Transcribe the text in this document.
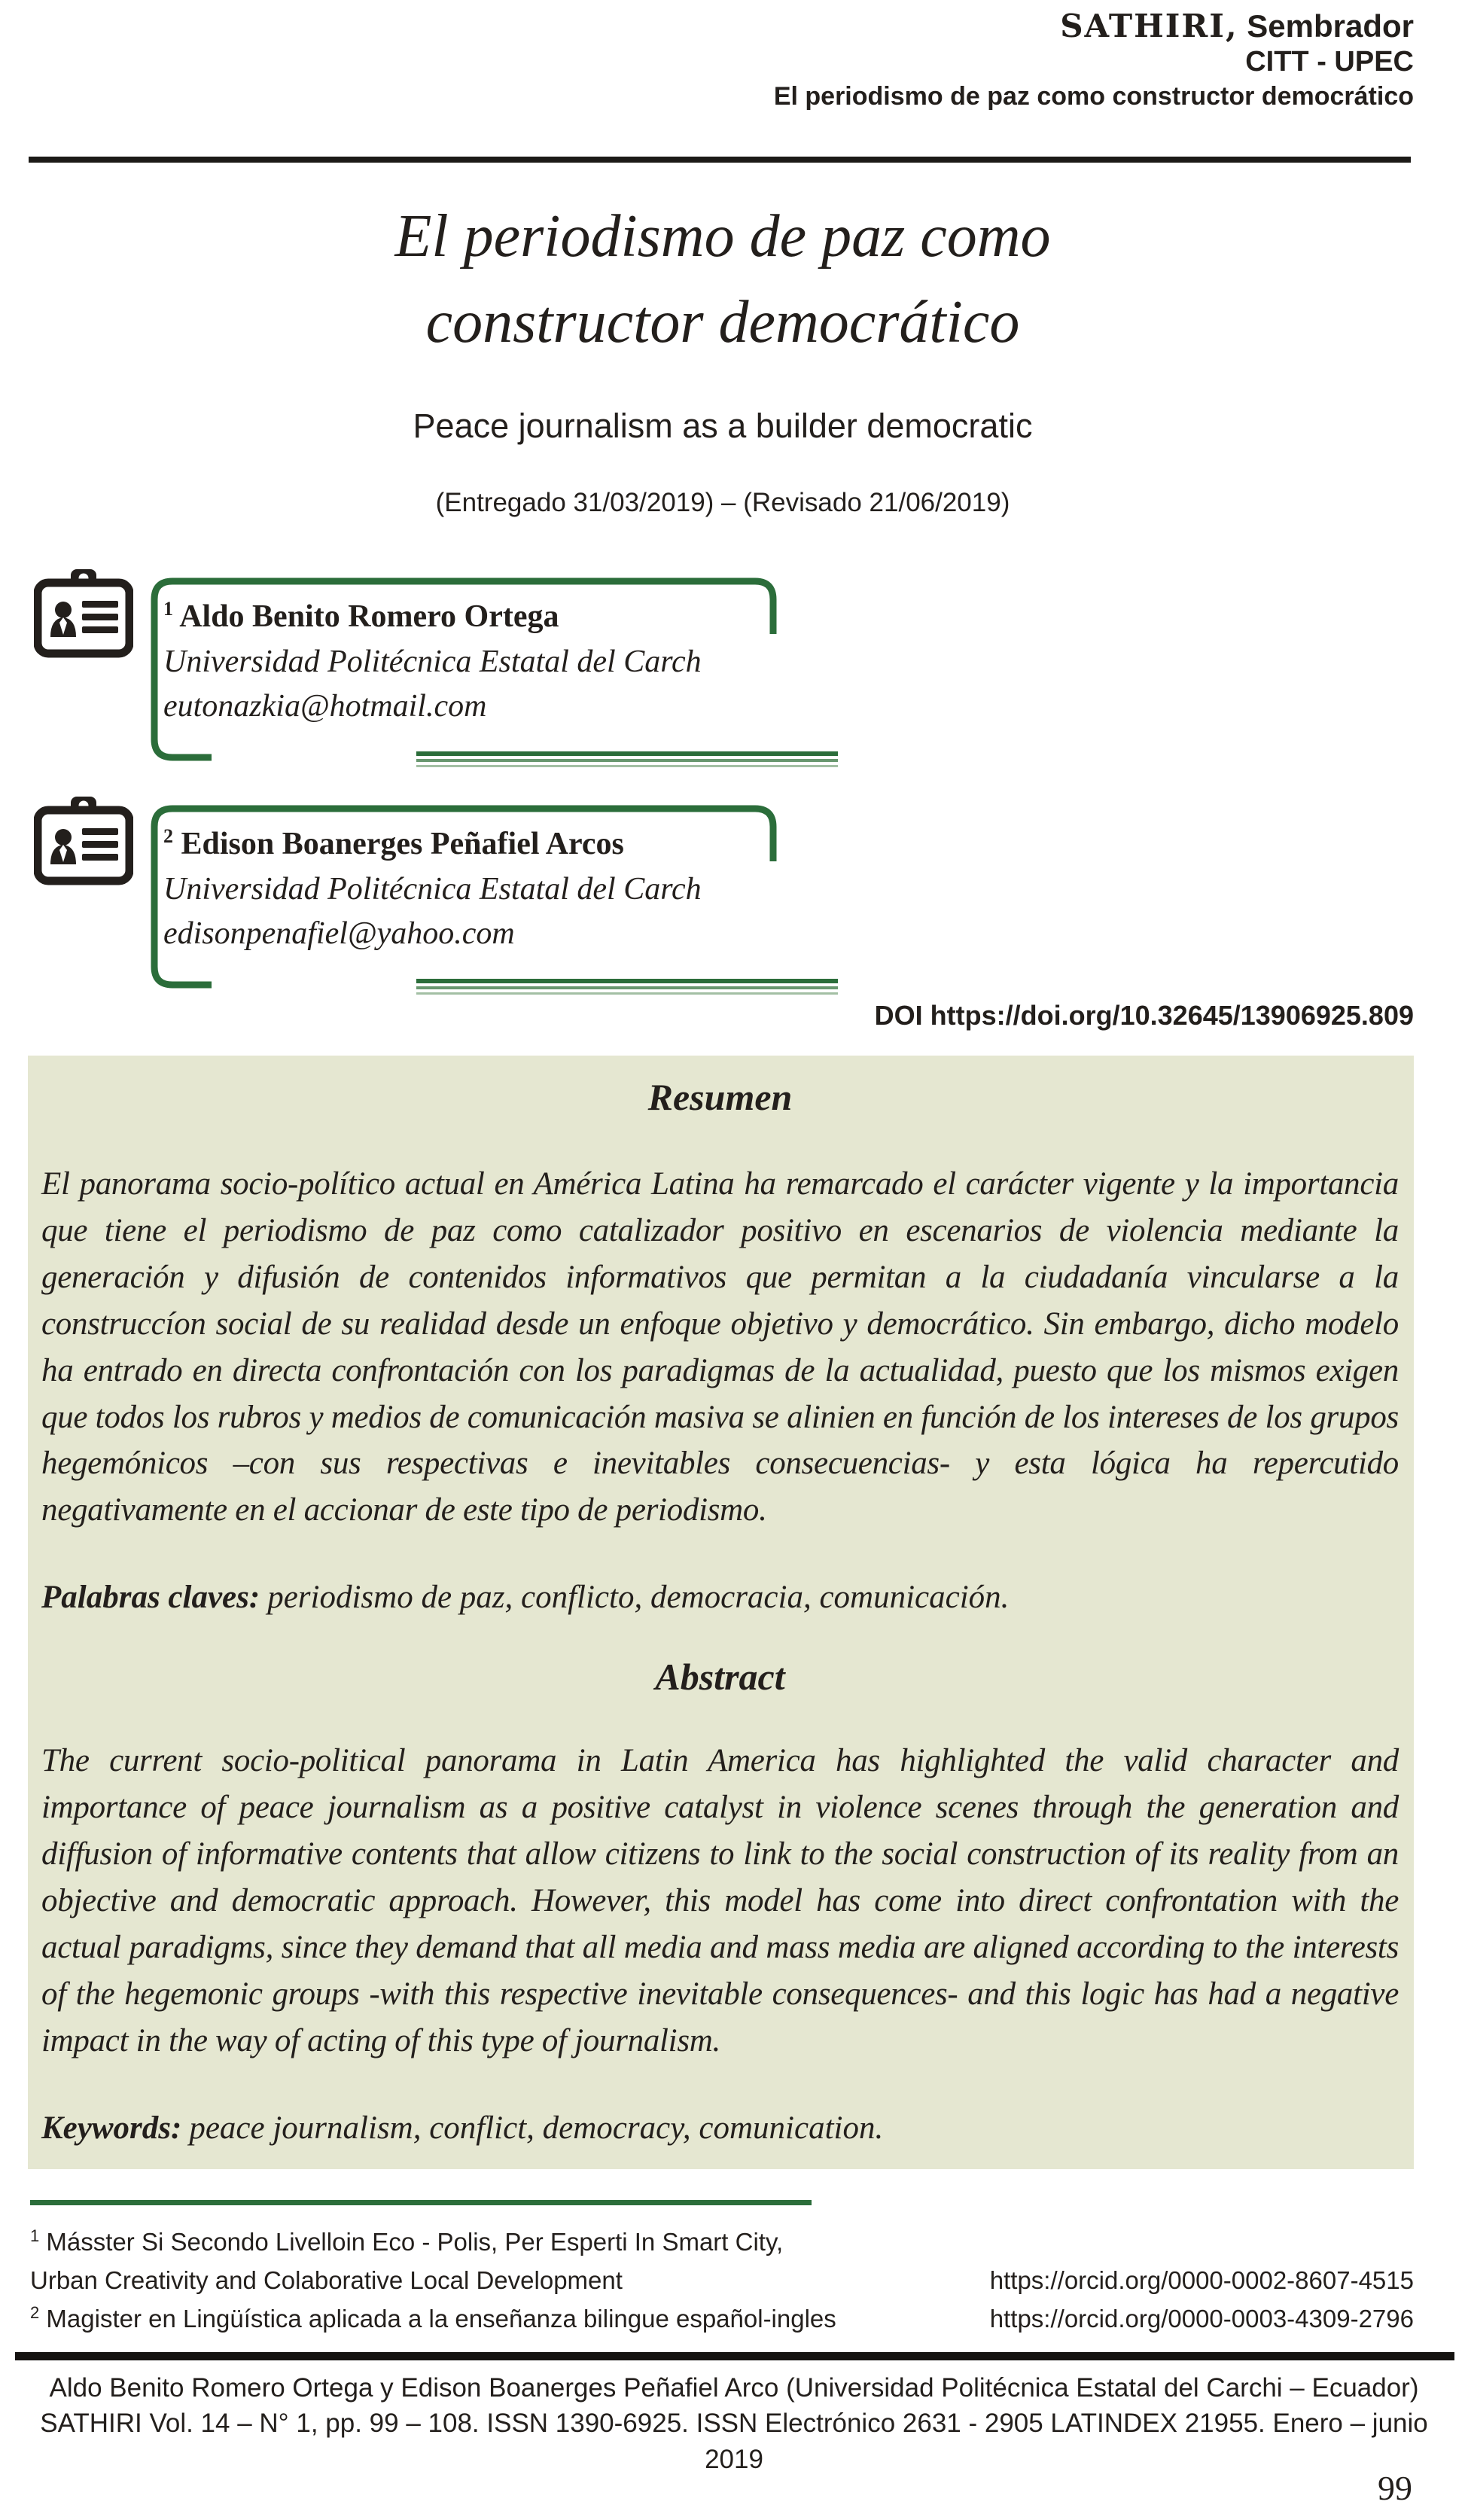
SATHIRI, Sembrador
CITT - UPEC
El periodismo de paz como constructor democrático
El periodismo de paz como
constructor democrático
Peace journalism as a builder democratic
(Entregado 31/03/2019) – (Revisado 21/06/2019)
$^1$ Aldo Benito Romero Ortega
Universidad Politécnica Estatal del Carch
eutonazkia@hotmail.com
$^2$ Edison Boanerges Peñafiel Arcos
Universidad Politécnica Estatal del Carch
edisonpenafiel@yahoo.com
DOI https://doi.org/10.32645/13906925.809
Resumen

El panorama socio-político actual en América Latina ha remarcado el carácter vigente y la importancia que tiene el periodismo de paz como catalizador positivo en escenarios de violencia mediante la generación y difusión de contenidos informativos que permitan a la ciudadanía vincularse a la construccíon social de su realidad desde un enfoque objetivo y democrático. Sin embargo, dicho modelo ha entrado en directa confrontación con los paradigmas de la actualidad, puesto que los mismos exigen que todos los rubros y medios de comunicación masiva se alinien en función de los intereses de los grupos hegemónicos –con sus respectivas e inevitables consecuencias- y esta lógica ha repercutido negativamente en el accionar de este tipo de periodismo.

Palabras claves: periodismo de paz, conflicto, democracia, comunicación.
Abstract

The current socio-political panorama in Latin America has highlighted the valid character and importance of peace journalism as a positive catalyst in violence scenes through the generation and diffusion of informative contents that allow citizens to link to the social construction of its reality from an objective and democratic approach. However, this model has come into direct confrontation with the actual paradigms, since they demand that all media and mass media are aligned according to the interests of the hegemonic groups -with this respective inevitable consequences- and this logic has had a negative impact in the way of acting of this type of journalism.

Keywords: peace journalism, conflict, democracy, comunication.
$^1$ Másster Si Secondo Livelloin Eco - Polis, Per Esperti In Smart City,
Urban Creativity and Colaborative Local Development	https://orcid.org/0000-0002-8607-4515
$^2$ Magister en Lingüística aplicada a la enseñanza bilingue español-ingles	https://orcid.org/0000-0003-4309-2796
Aldo Benito Romero Ortega y Edison Boanerges Peñafiel Arco (Universidad Politécnica Estatal del Carchi – Ecuador) SATHIRI Vol. 14 – N° 1, pp. 99 – 108. ISSN 1390-6925. ISSN Electrónico 2631 - 2905 LATINDEX 21955. Enero – junio 2019
99
